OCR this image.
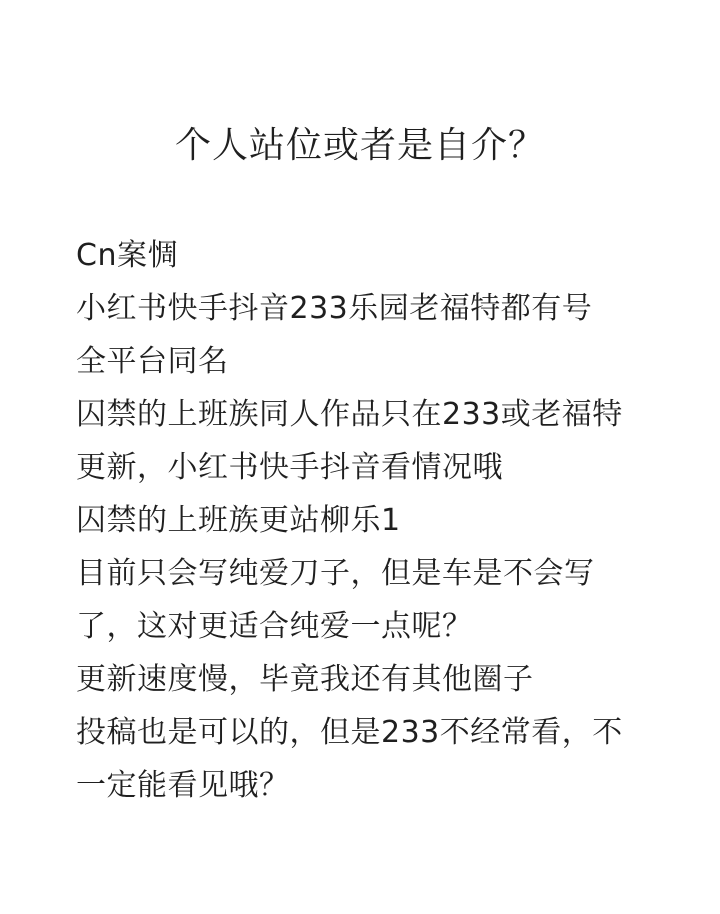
个人站位或者是自介？
Cn案惆
小红书快手抖音233乐园老福特都有号
全平台同名
囚禁的上班族同人作品只在233或老福特
更新，小红书快手抖音看情况哦
囚禁的上班族更站柳乐1
目前只会写纯爱刀子，但是车是不会写
了，这对更适合纯爱一点呢？
更新速度慢，毕竟我还有其他圈子
投稿也是可以的，但是233不经常看，不
一定能看见哦？
